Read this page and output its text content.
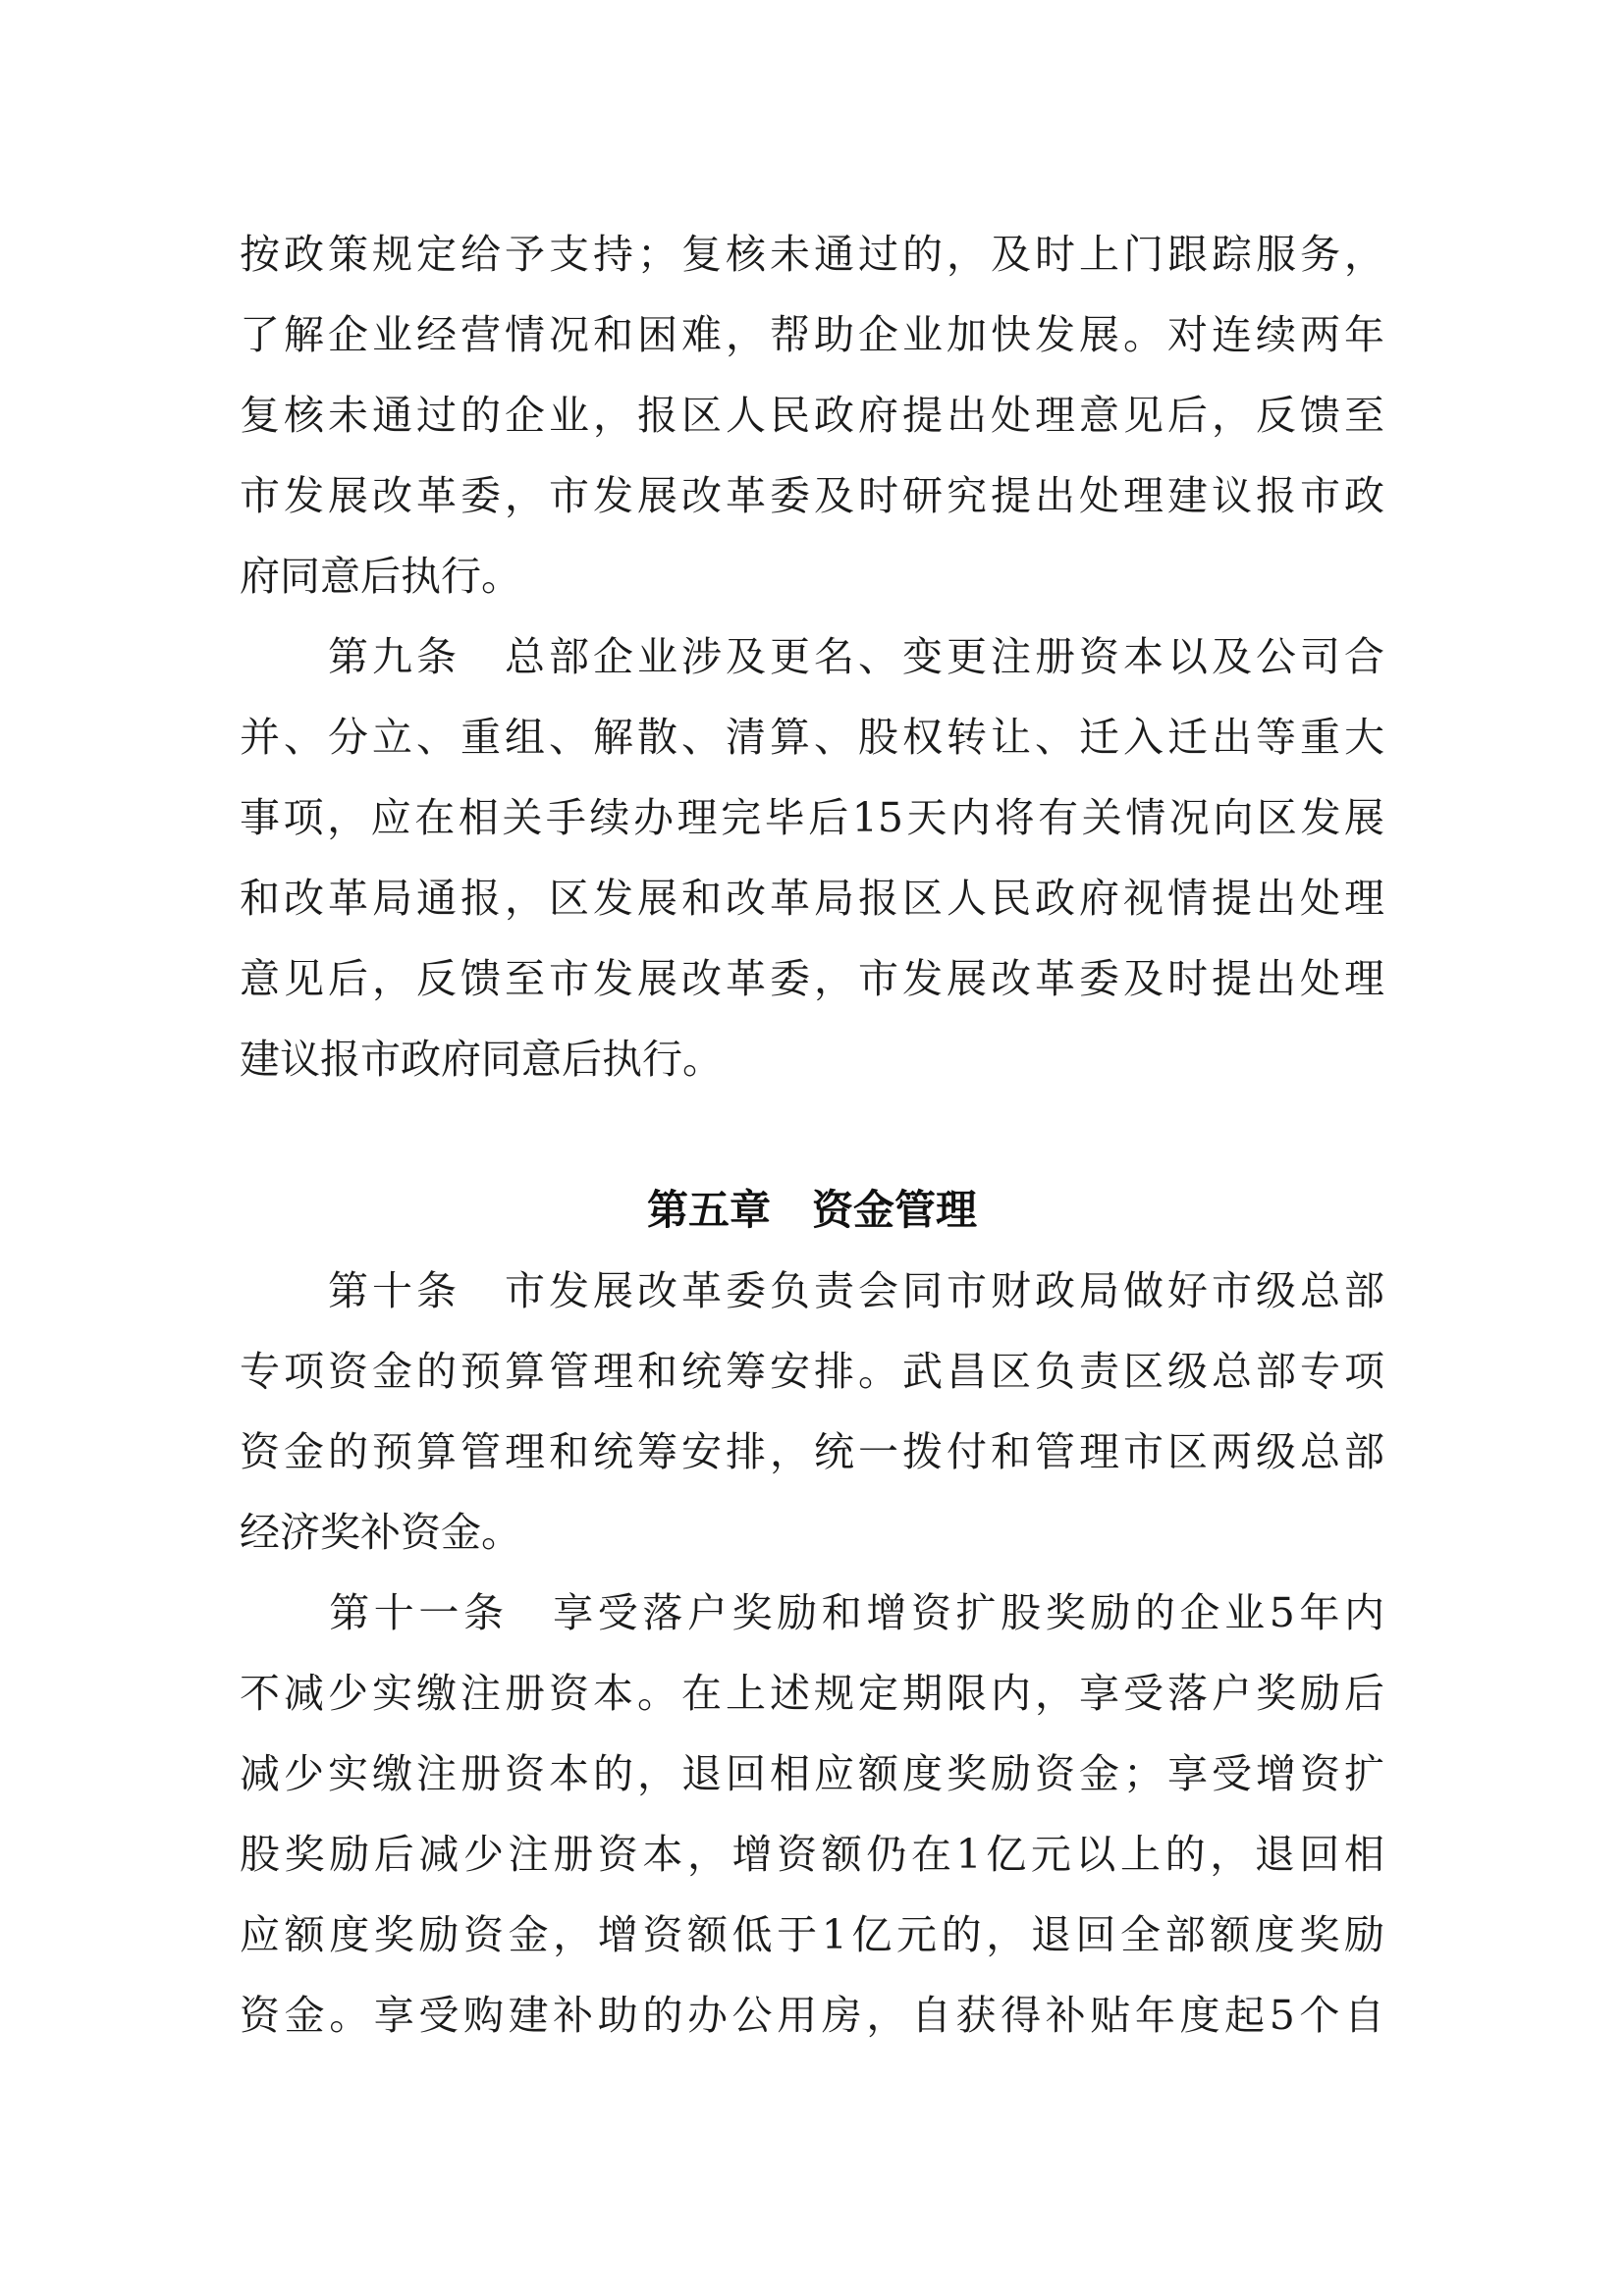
按政策规定给予支持；复核未通过的，及时上门跟踪服务，
了解企业经营情况和困难，帮助企业加快发展。对连续两年
复核未通过的企业，报区人民政府提出处理意见后，反馈至
市发展改革委，市发展改革委及时研究提出处理建议报市政
府同意后执行。
　　第九条　总部企业涉及更名、变更注册资本以及公司合
并、分立、重组、解散、清算、股权转让、迁入迁出等重大
事项，应在相关手续办理完毕后15天内将有关情况向区发展
和改革局通报，区发展和改革局报区人民政府视情提出处理
意见后，反馈至市发展改革委，市发展改革委及时提出处理
建议报市政府同意后执行。
第五章　资金管理
　　第十条　市发展改革委负责会同市财政局做好市级总部
专项资金的预算管理和统筹安排。武昌区负责区级总部专项
资金的预算管理和统筹安排，统一拨付和管理市区两级总部
经济奖补资金。
　　第十一条　享受落户奖励和增资扩股奖励的企业5年内
不减少实缴注册资本。在上述规定期限内，享受落户奖励后
减少实缴注册资本的，退回相应额度奖励资金；享受增资扩
股奖励后减少注册资本，增资额仍在1亿元以上的，退回相
应额度奖励资金，增资额低于1亿元的，退回全部额度奖励
资金。享受购建补助的办公用房，自获得补贴年度起5个自
